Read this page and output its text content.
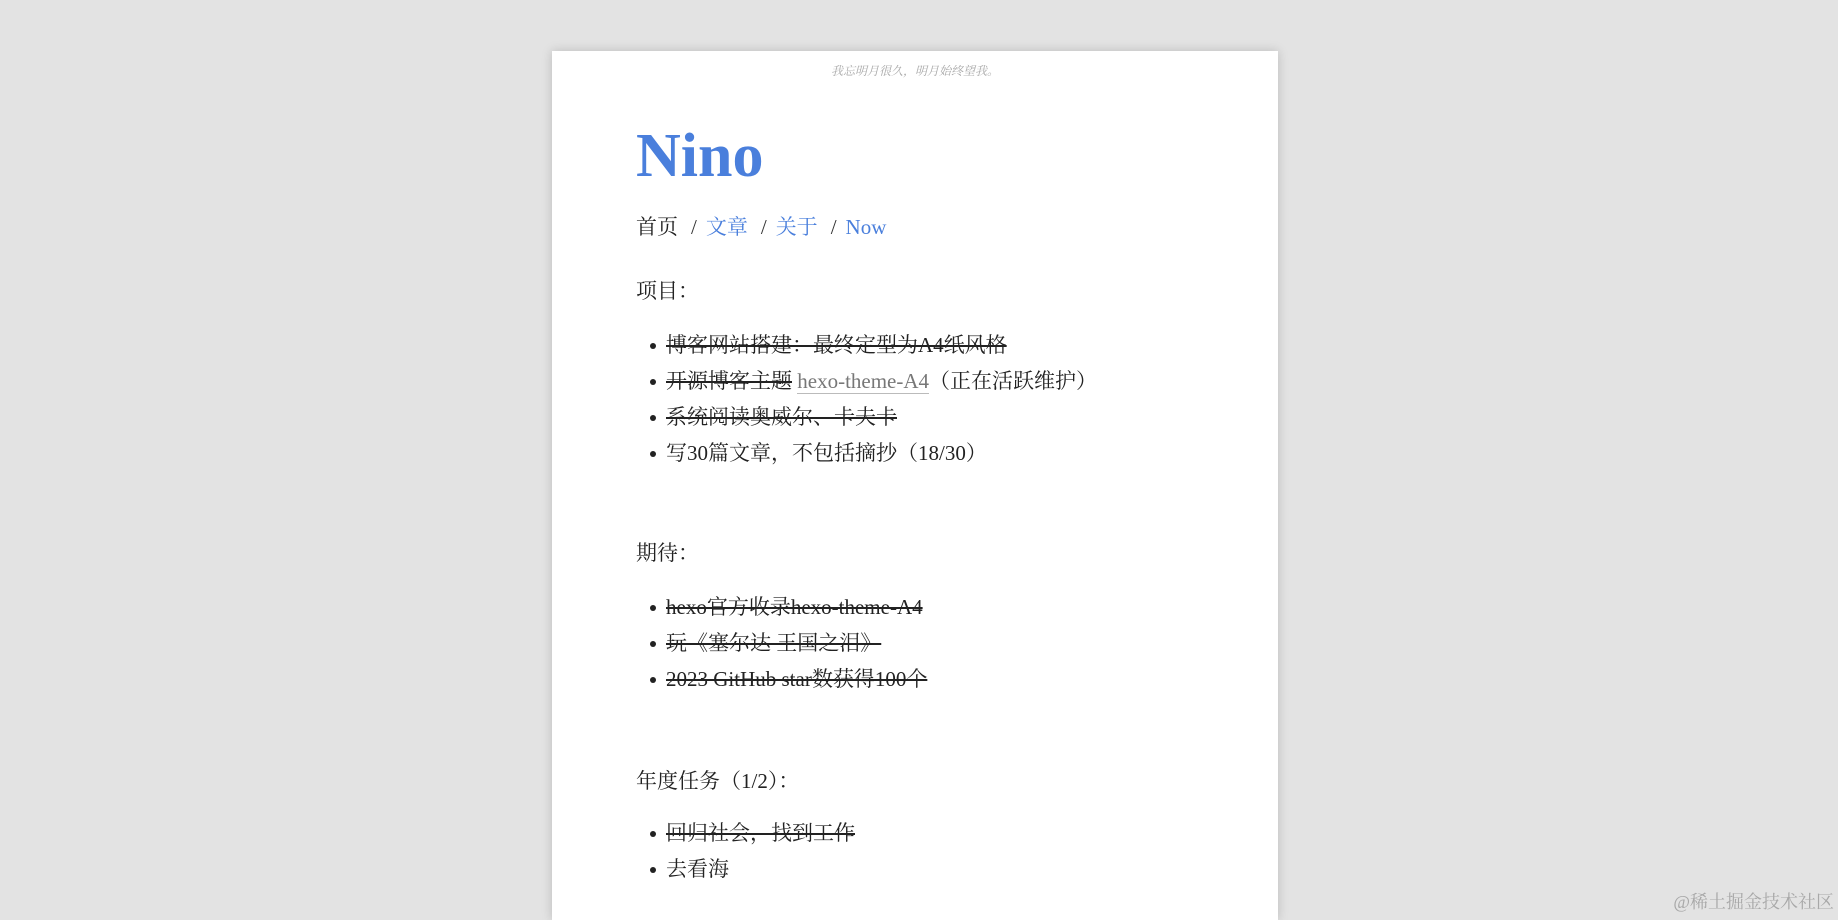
我忘明月很久，明月始终望我。
Nino
首页 / 文章 / 关于 / Now

项目：

博客网站搭建：最终定型为A4纸风格
开源博客主题 hexo-theme-A4（正在活跃维护）
系统阅读奥威尔、卡夫卡
写30篇文章，不包括摘抄（18/30）

期待：

hexo官方收录hexo-theme-A4
玩《塞尔达 王国之泪》
2023 GitHub star数获得100个

年度任务（1/2）：

回归社会，找到工作
去看海
@稀土掘金技术社区
